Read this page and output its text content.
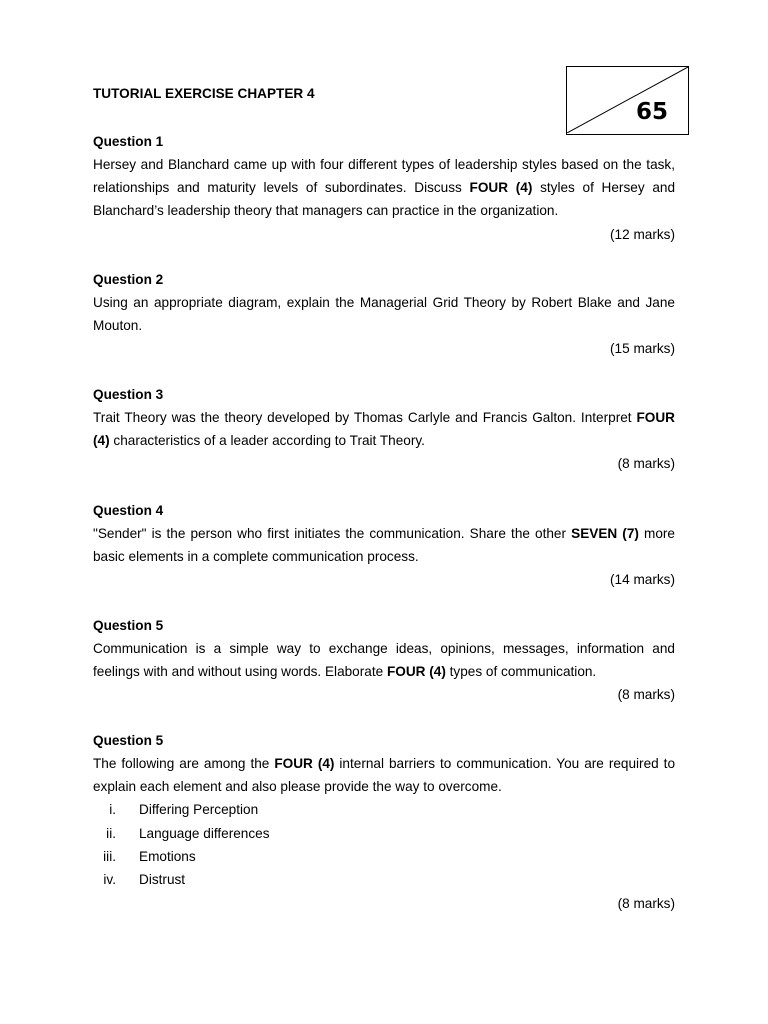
TUTORIAL EXERCISE CHAPTER 4
65
Question 1
Hersey and Blanchard came up with four different types of leadership styles based on the task, relationships and maturity levels of subordinates. Discuss FOUR (4) styles of Hersey and Blanchard’s leadership theory that managers can practice in the organization.
(12 marks)
Question 2
Using an appropriate diagram, explain the Managerial Grid Theory by Robert Blake and Jane Mouton.
(15 marks)
Question 3
Trait Theory was the theory developed by Thomas Carlyle and Francis Galton. Interpret FOUR (4) characteristics of a leader according to Trait Theory.
(8 marks)
Question 4
"Sender" is the person who first initiates the communication. Share the other SEVEN (7) more basic elements in a complete communication process.
(14 marks)
Question 5
Communication is a simple way to exchange ideas, opinions, messages, information and feelings with and without using words. Elaborate FOUR (4) types of communication.
(8 marks)
Question 5
The following are among the FOUR (4) internal barriers to communication. You are required to explain each element and also please provide the way to overcome.
i. Differing Perception
ii. Language differences
iii. Emotions
iv. Distrust
(8 marks)
